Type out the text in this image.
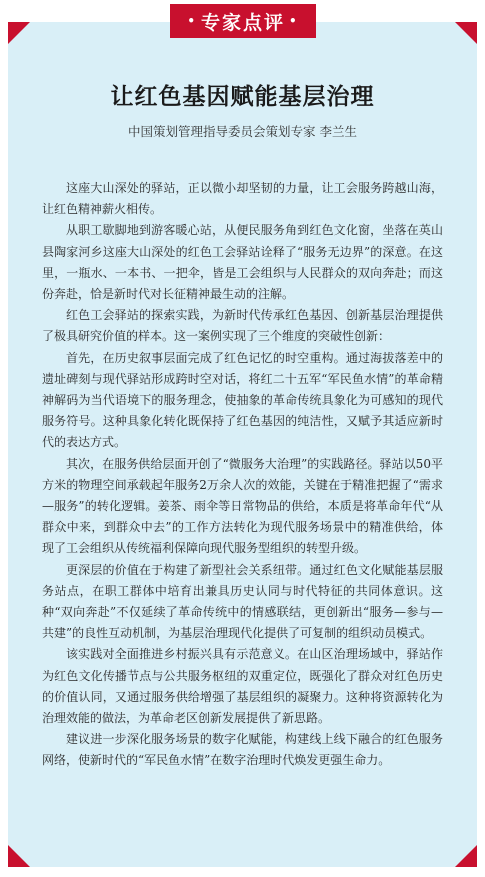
• 专家点评 •
让红色基因赋能基层治理
中国策划管理指导委员会策划专家 李兰生

这座大山深处的驿站，正以微小却坚韧的力量，让工会服务跨越山海，让红色精神薪火相传。

从职工歇脚地到游客暖心站，从便民服务角到红色文化窗，坐落在英山县陶家河乡这座大山深处的红色工会驿站诠释了“服务无边界”的深意。在这里，一瓶水、一本书、一把伞，皆是工会组织与人民群众的双向奔赴；而这份奔赴，恰是新时代对长征精神最生动的注解。

红色工会驿站的探索实践，为新时代传承红色基因、创新基层治理提供了极具研究价值的样本。这一案例实现了三个维度的突破性创新：

首先，在历史叙事层面完成了红色记忆的时空重构。通过海拔落差中的遗址碑刻与现代驿站形成跨时空对话，将红二十五军“军民鱼水情”的革命精神解码为当代语境下的服务理念，使抽象的革命传统具象化为可感知的现代服务符号。这种具象化转化既保持了红色基因的纯洁性，又赋予其适应新时代的表达方式。

其次，在服务供给层面开创了“微服务大治理”的实践路径。驿站以50平方米的物理空间承载起年服务2万余人次的效能，关键在于精准把握了“需求—服务”的转化逻辑。姜茶、雨伞等日常物品的供给，本质是将革命年代“从群众中来，到群众中去”的工作方法转化为现代服务场景中的精准供给，体现了工会组织从传统福利保障向现代服务型组织的转型升级。

更深层的价值在于构建了新型社会关系纽带。通过红色文化赋能基层服务站点，在职工群体中培育出兼具历史认同与时代特征的共同体意识。这种“双向奔赴”不仅延续了革命传统中的情感联结，更创新出“服务—参与—共建”的良性互动机制，为基层治理现代化提供了可复制的组织动员模式。

该实践对全面推进乡村振兴具有示范意义。在山区治理场域中，驿站作为红色文化传播节点与公共服务枢纽的双重定位，既强化了群众对红色历史的价值认同，又通过服务供给增强了基层组织的凝聚力。这种将资源转化为治理效能的做法，为革命老区创新发展提供了新思路。

建议进一步深化服务场景的数字化赋能，构建线上线下融合的红色服务网络，使新时代的“军民鱼水情”在数字治理时代焕发更强生命力。
